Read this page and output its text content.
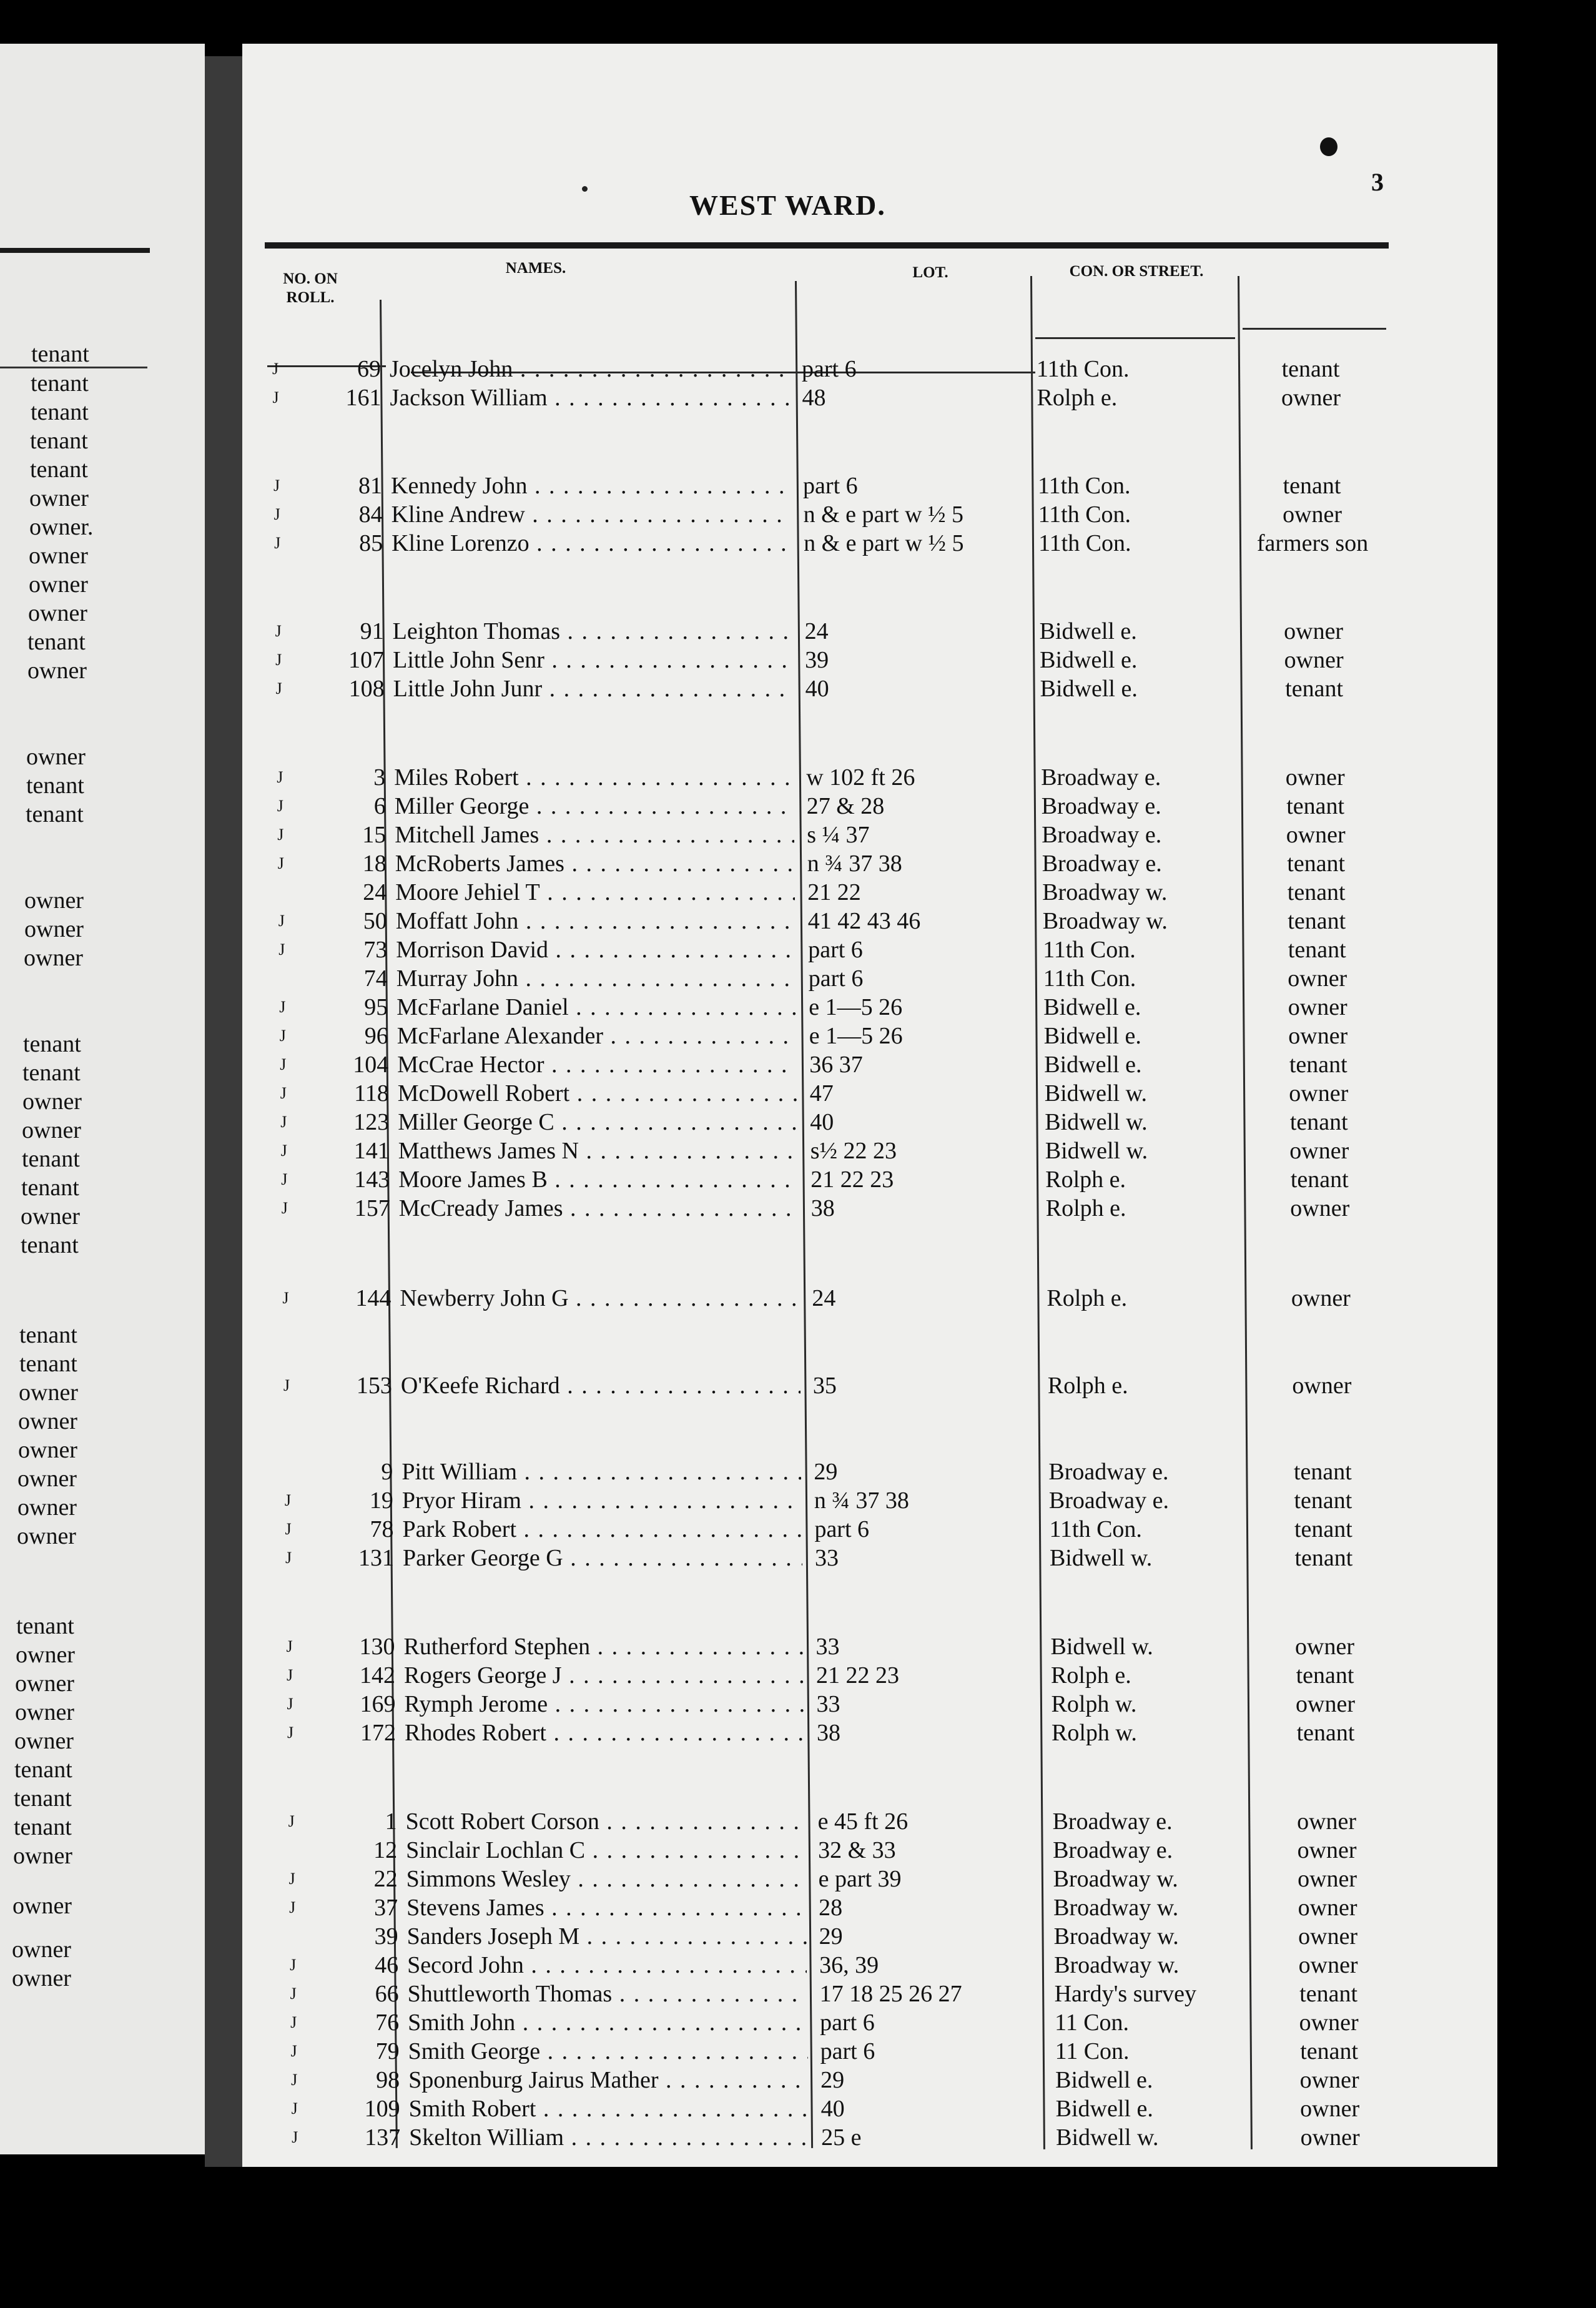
tenant
tenant
tenant
tenant
tenant
owner
owner.
owner
owner
owner
tenant
owner
owner
tenant
tenant
owner
owner
owner
tenant
tenant
owner
owner
tenant
tenant
owner
tenant
tenant
tenant
owner
owner
owner
owner
owner
owner
tenant
owner
owner
owner
owner
tenant
tenant
tenant
owner
owner
owner
owner
3
WEST WARD.
NO. ON ROLL.
NAMES.	LOT.	CON. OR STREET.
J	69 Jocelyn John . . .	part 6	11th Con.	tenant
J	161 Jackson William . . .	48	Rolph e.	owner
J	81 Kennedy John . . .	part 6	11th Con.	tenant
J	84 Kline Andrew . . .	n & e part w ½ 5	11th Con.	owner
J	85 Kline Lorenzo . . .	n & e part w ½ 5	11th Con.	farmers son
J	91 Leighton Thomas . . .	24	Bidwell e.	owner
J	107 Little John Senr . . .	39	Bidwell e.	owner
J	108 Little John Junr . . .	40	Bidwell e.	tenant
J	3 Miles Robert . . .	w 102 ft 26	Broadway e.	owner
J	6 Miller George . . .	27 & 28	Broadway e.	tenant
J	15 Mitchell James . . .	s ¼ 37	Broadway e.	owner
J	18 McRoberts James . . .	n ¾ 37 38	Broadway e.	tenant
24 Moore Jehiel T . . .	21 22	Broadway w.	tenant
J	50 Moffatt John . . .	41 42 43 46	Broadway w.	tenant
J	73 Morrison David . . .	part 6	11th Con.	tenant
74 Murray John . . .	part 6	11th Con.	owner
J	95 McFarlane Daniel . . .	e 1—5 26	Bidwell e.	owner
J	96 McFarlane Alexander . . .	e 1—5 26	Bidwell e.	owner
J	104 McCrae Hector . . .	36 37	Bidwell e.	tenant
J	118 McDowell Robert . . .	47	Bidwell w.	owner
J	123 Miller George C . . .	40	Bidwell w.	tenant
J	141 Matthews James N . . .	s½ 22 23	Bidwell w.	owner
J	143 Moore James B . . .	21 22 23	Rolph e.	tenant
J	157 McCready James . . .	38	Rolph e.	owner
J	144 Newberry John G . . .	24	Rolph e.	owner
J	153 O'Keefe Richard . . .	35	Rolph e.	owner
9 Pitt William . . .	29	Broadway e.	tenant
J	19 Pryor Hiram . . .	n ¾ 37 38	Broadway e.	tenant
J	78 Park Robert . . .	part 6	11th Con.	tenant
J	131 Parker George G . . .	33	Bidwell w.	tenant
J	130 Rutherford Stephen . . .	33	Bidwell w.	owner
J	142 Rogers George J . . .	21 22 23	Rolph e.	tenant
J	169 Rymph Jerome . . .	33	Rolph w.	owner
J	172 Rhodes Robert . . .	38	Rolph w.	tenant
J	1 Scott Robert Corson . . .	e 45 ft 26	Broadway e.	owner
12 Sinclair Lochlan C . . .	32 & 33	Broadway e.	owner
J	22 Simmons Wesley . . .	e part 39	Broadway w.	owner
J	37 Stevens James . . .	28	Broadway w.	owner
39 Sanders Joseph M . . .	29	Broadway w.	owner
J	46 Secord John . . .	36, 39	Broadway w.	owner
J	66 Shuttleworth Thomas . . .	17 18 25 26 27	Hardy's survey	tenant
J	76 Smith John . . .	part 6	11 Con.	owner
J	79 Smith George . . .	part 6	11 Con.	tenant
J	98 Sponenburg Jairus Mather . . .	29	Bidwell e.	owner
J	109 Smith Robert . . .	40	Bidwell e.	owner
J	137 Skelton William . . .	25 e	Bidwell w.	owner
